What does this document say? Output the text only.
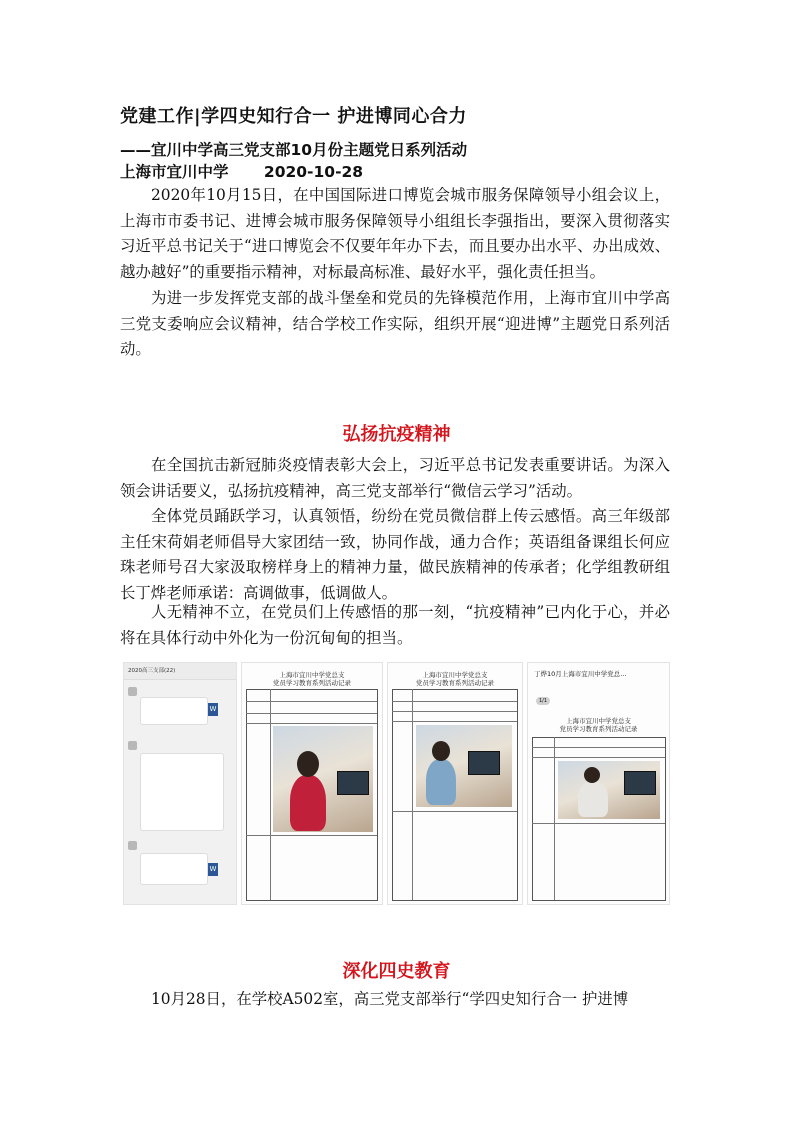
党建工作|学四史知行合一 护进博同心合力
——宜川中学高三党支部10月份主题党日系列活动
上海市宜川中学 2020-10-28

2020年10月15日，在中国国际进口博览会城市服务保障领导小组会议上，上海市市委书记、进博会城市服务保障领导小组组长李强指出，要深入贯彻落实习近平总书记关于“进口博览会不仅要年年办下去，而且要办出水平、办出成效、越办越好”的重要指示精神，对标最高标准、最好水平，强化责任担当。

为进一步发挥党支部的战斗堡垒和党员的先锋模范作用，上海市宜川中学高三党支委响应会议精神，结合学校工作实际，组织开展“迎进博”主题党日系列活动。

弘扬抗疫精神

在全国抗击新冠肺炎疫情表彰大会上，习近平总书记发表重要讲话。为深入领会讲话要义，弘扬抗疫精神，高三党支部举行“微信云学习”活动。

全体党员踊跃学习，认真领悟，纷纷在党员微信群上传云感悟。高三年级部主任宋荷娟老师倡导大家团结一致，协同作战，通力合作；英语组备课组长何应珠老师号召大家汲取榜样身上的精神力量，做民族精神的传承者；化学组教研组长丁烨老师承诺：高调做事，低调做人。

人无精神不立，在党员们上传感悟的那一刻，“抗疫精神”已内化于心，并必将在具体行动中外化为一份沉甸甸的担当。

2020高三支部(22)
W
W
上海市宜川中学党总支
党员学习教育系列活动记录
上海市宜川中学党总支
党员学习教育系列活动记录
丁烨10月上海市宜川中学党总...
1/1
上海市宜川中学党总支
党员学习教育系列活动记录
深化四史教育

10月28日，在学校A502室，高三党支部举行“学四史知行合一 护进博
